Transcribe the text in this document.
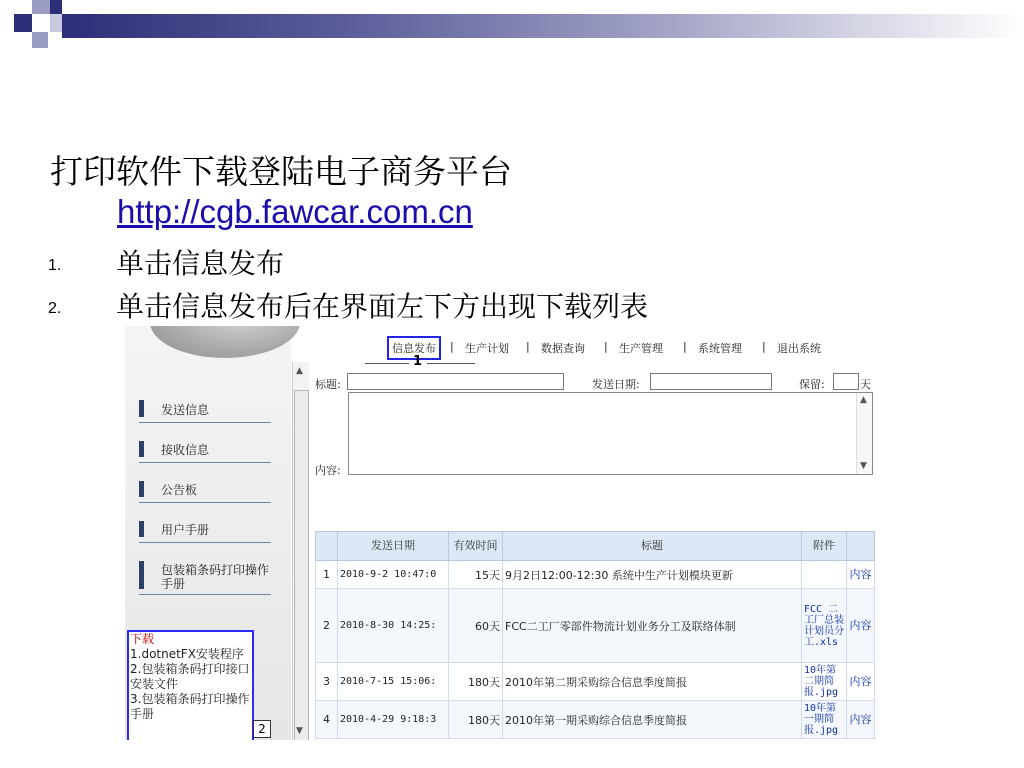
打印软件下载登陆电子商务平台
http://cgb.fawcar.com.cn
1. 单击信息发布
2. 单击信息发布后在界面左下方出现下载列表
发送信息
接收信息
公告板
用户手册
包装箱条码打印操作手册
下载
1.dotnetFX安装程序
2.包装箱条码打印接口安装文件
3.包装箱条码打印操作手册
2
▲
▼
信息发布	| 生产计划 | 数据查询 | 生产管理 | 系统管理 | 退出系统
1
标题:	发送日期:	保留:	天
内容:
▲
▼
	发送日期	有效时间	标题	附件	
1	2010-9-2 10:47:0	15天	9月2日12:00-12:30 系统中生产计划模块更新		内容
2	2010-8-30 14:25:	60天	FCC二工厂零部件物流计划业务分工及联络体制	FCC 二工厂总装计划员分工.xls	内容
3	2010-7-15 15:06:	180天	2010年第二期采购综合信息季度简报	10年第二期简报.jpg	内容
4	2010-4-29 9:18:3	180天	2010年第一期采购综合信息季度简报	10年第一期简报.jpg	内容
